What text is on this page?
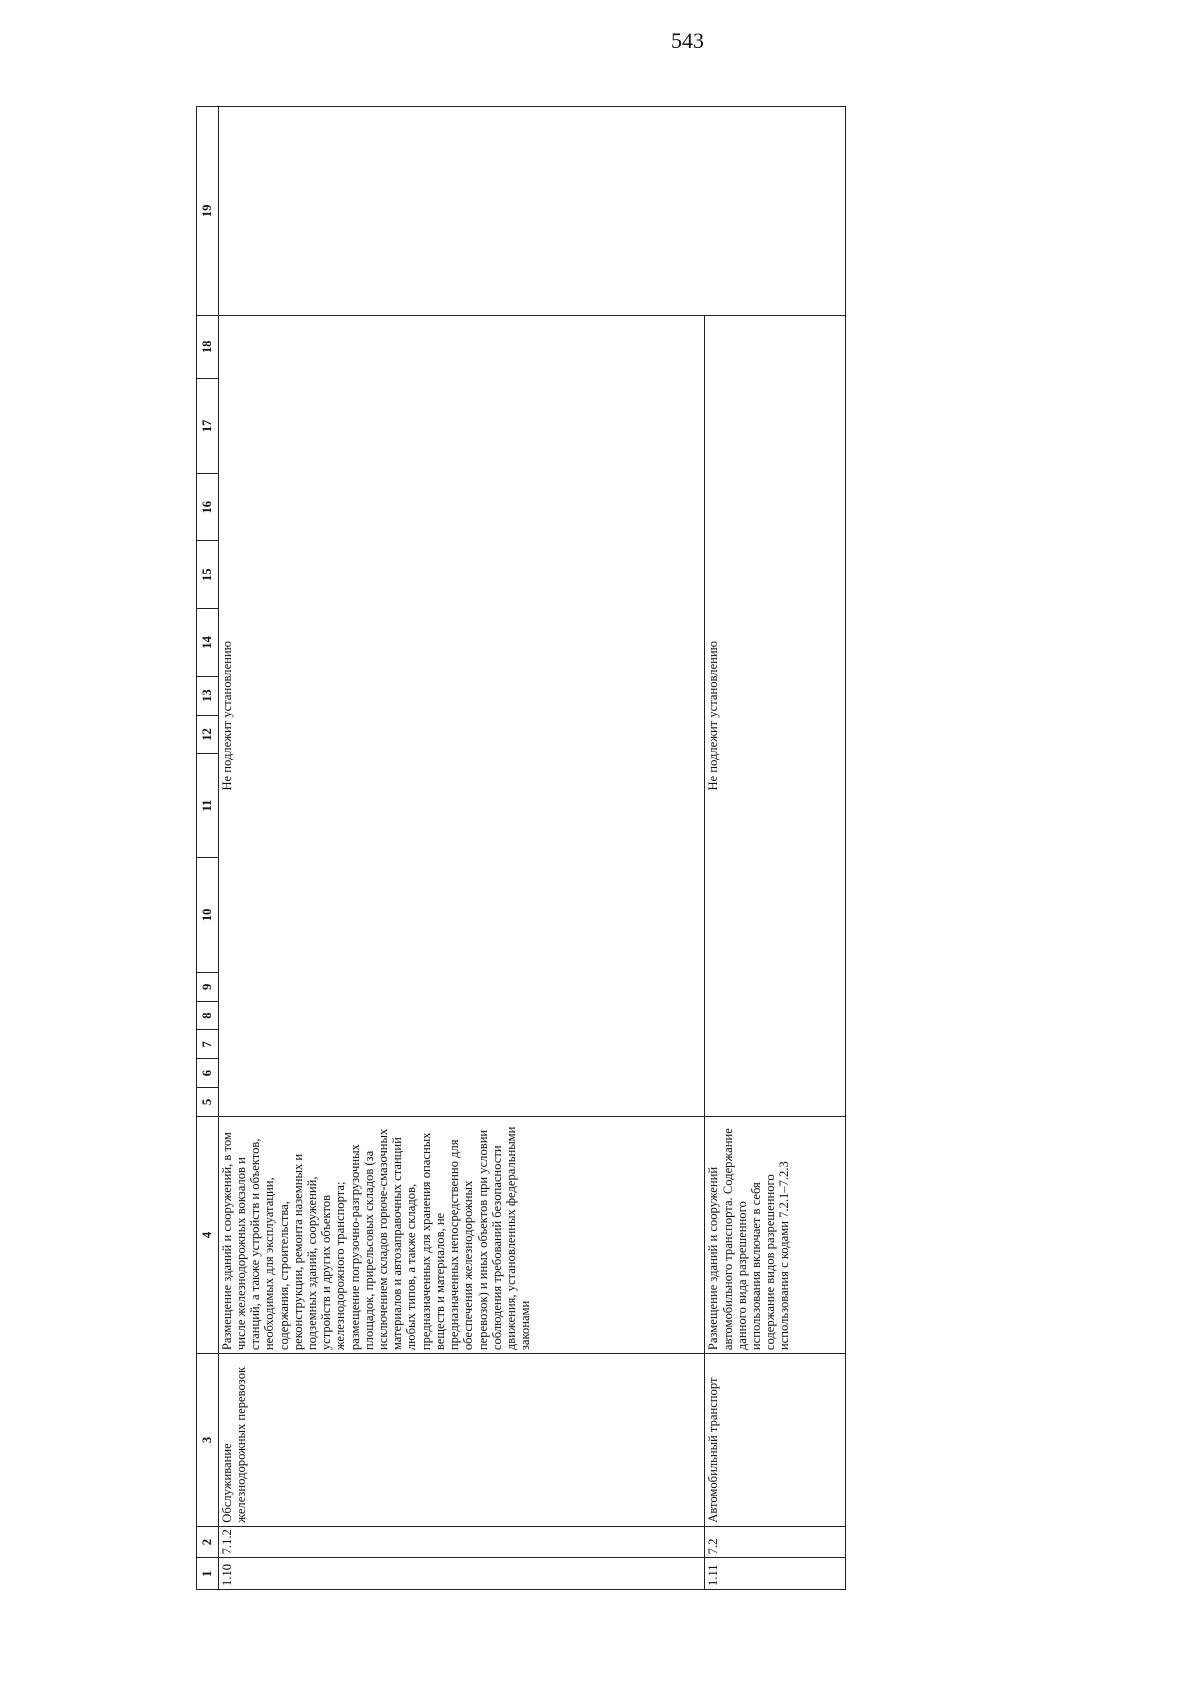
543
1	2	3	4	5	6	7	8	9	10	11	12	13	14	15	16	17	18	19
1.10	7.1.2	Обслуживание железнодорожных перевозок	Размещение зданий и сооружений, в том числе железнодорожных вокзалов и станций, а также устройств и объектов, необходимых для эксплуатации, содержания, строительства, реконструкции, ремонта наземных и подземных зданий, сооружений, устройств и других объектов железнодорожного транспорта; размещение погрузочно-разгрузочных площадок, прирельсовых складов (за исключением складов горюче-смазочных материалов и автозаправочных станций любых типов, а также складов, предназначенных для хранения опасных веществ и материалов, не предназначенных непосредственно для обеспечения железнодорожных перевозок) и иных объектов при условии соблюдения требований безопасности движения, установленных федеральными законами	Не подлежит установлению														
1.11	7.2	Автомобильный транспорт	Размещение зданий и сооружений автомобильного транспорта. Содержание данного вида разрешенного использования включает в себя содержание видов разрешенного использования с кодами 7.2.1–7.2.3	Не подлежит установлению														
